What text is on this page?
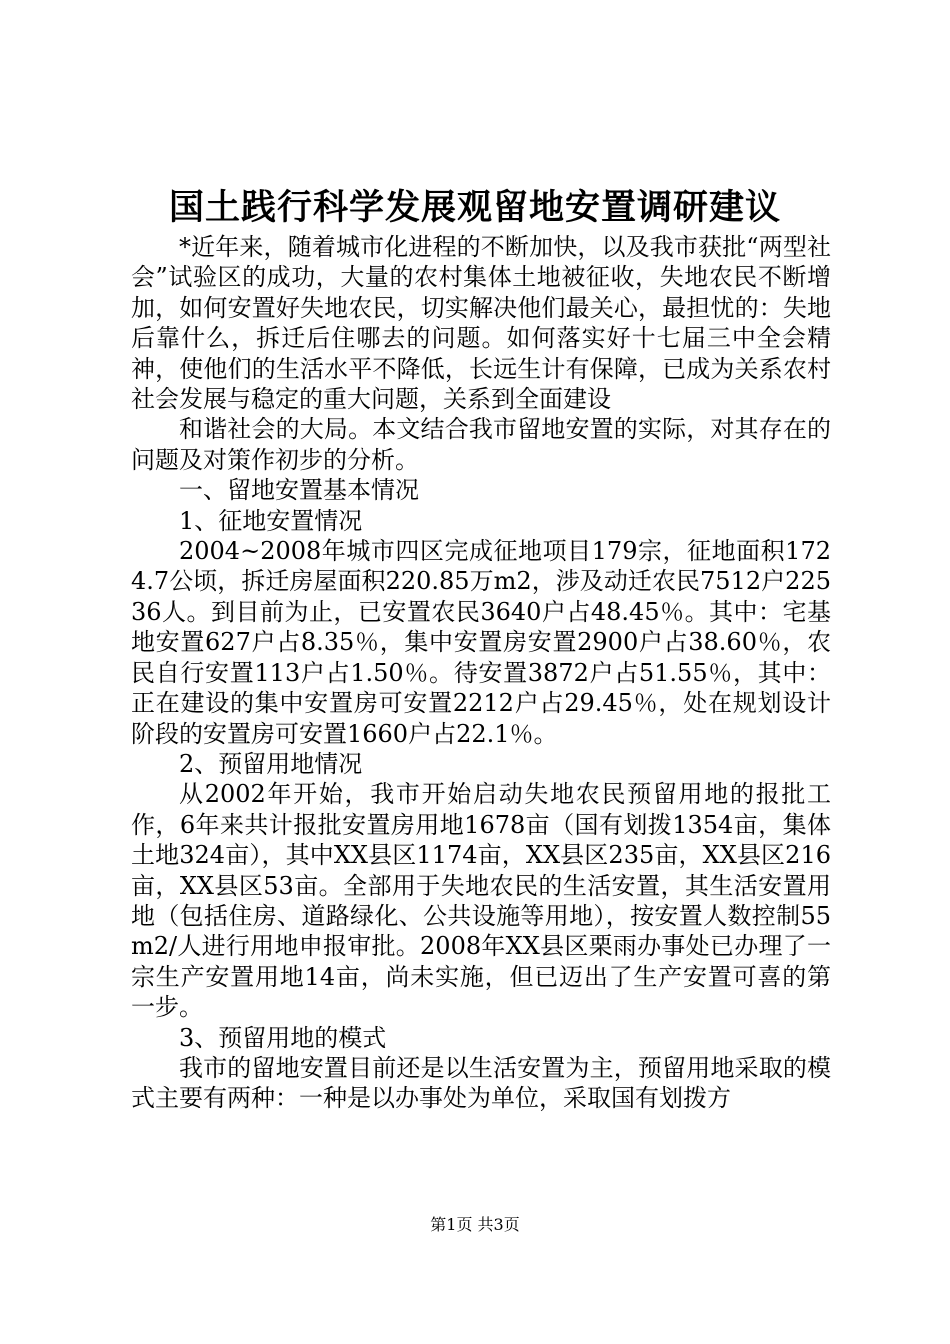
国土践行科学发展观留地安置调研建议

*近年来，随着城市化进程的不断加快，以及我市获批“两型社会”试验区的成功，大量的农村集体土地被征收，失地农民不断增加，如何安置好失地农民，切实解决他们最关心，最担忧的：失地后靠什么，拆迁后住哪去的问题。如何落实好十七届三中全会精神，使他们的生活水平不降低，长远生计有保障，已成为关系农村社会发展与稳定的重大问题，关系到全面建设

和谐社会的大局。本文结合我市留地安置的实际，对其存在的问题及对策作初步的分析。

一、留地安置基本情况

1、征地安置情况

2004~2008年城市四区完成征地项目179宗，征地面积1724.7公顷，拆迁房屋面积220.85万m2，涉及动迁农民7512户22536人。到目前为止，已安置农民3640户占48.45％。其中：宅基地安置627户占8.35％，集中安置房安置2900户占38.60％，农民自行安置113户占1.50％。待安置3872户占51.55％，其中：正在建设的集中安置房可安置2212户占29.45％，处在规划设计阶段的安置房可安置1660户占22.1％。

2、预留用地情况

从2002年开始，我市开始启动失地农民预留用地的报批工作，6年来共计报批安置房用地1678亩（国有划拨1354亩，集体土地324亩），其中XX县区1174亩，XX县区235亩，XX县区216亩，XX县区53亩。全部用于失地农民的生活安置，其生活安置用地（包括住房、道路绿化、公共设施等用地），按安置人数控制55m2/人进行用地申报审批。2008年XX县区栗雨办事处已办理了一宗生产安置用地14亩，尚未实施，但已迈出了生产安置可喜的第一步。

3、预留用地的模式

我市的留地安置目前还是以生活安置为主，预留用地采取的模式主要有两种：一种是以办事处为单位，采取国有划拨方

第1页 共3页
